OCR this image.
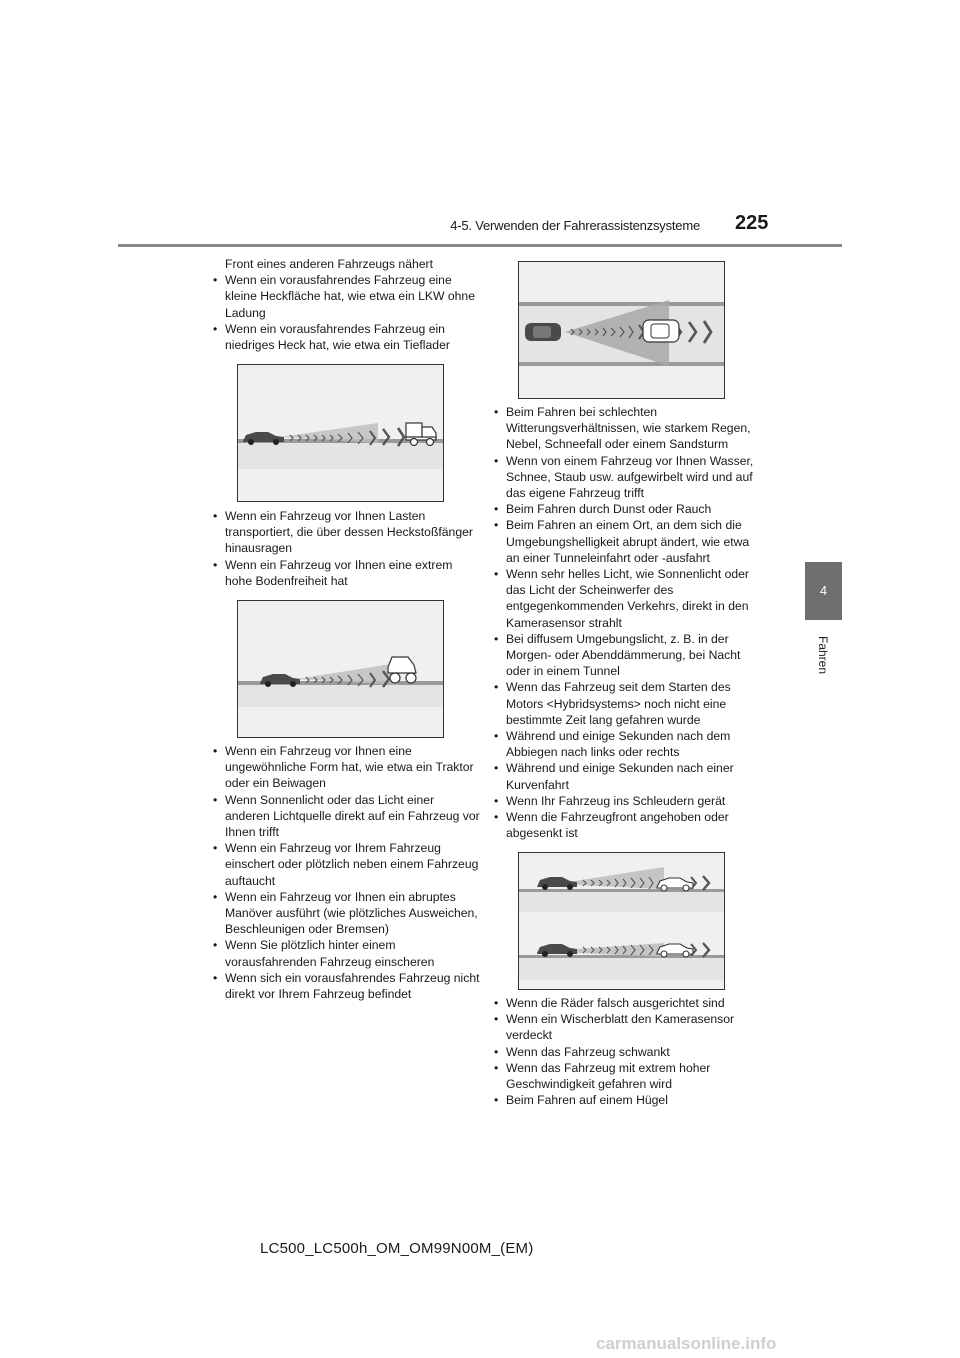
4-5. Verwenden der Fahrerassistenzsysteme 225
4
Fahren

Front eines anderen Fahrzeugs nähert

• Wenn ein vorausfahrendes Fahrzeug eine kleine Heckfläche hat, wie etwa ein LKW ohne Ladung
• Wenn ein vorausfahrendes Fahrzeug ein niedriges Heck hat, wie etwa ein Tieflader
• Wenn ein Fahrzeug vor Ihnen Lasten transportiert, die über dessen Heckstoßfänger hinausragen
• Wenn ein Fahrzeug vor Ihnen eine extrem hohe Bodenfreiheit hat
• Wenn ein Fahrzeug vor Ihnen eine ungewöhnliche Form hat, wie etwa ein Traktor oder ein Beiwagen
• Wenn Sonnenlicht oder das Licht einer anderen Lichtquelle direkt auf ein Fahrzeug vor Ihnen trifft
• Wenn ein Fahrzeug vor Ihrem Fahrzeug einschert oder plötzlich neben einem Fahrzeug auftaucht
• Wenn ein Fahrzeug vor Ihnen ein abruptes Manöver ausführt (wie plötzliches Ausweichen, Beschleunigen oder Bremsen)
• Wenn Sie plötzlich hinter einem vorausfahrenden Fahrzeug einscheren
• Wenn sich ein vorausfahrendes Fahrzeug nicht direkt vor Ihrem Fahrzeug befindet
• Beim Fahren bei schlechten Witterungsverhältnissen, wie starkem Regen, Nebel, Schneefall oder einem Sandsturm
• Wenn von einem Fahrzeug vor Ihnen Wasser, Schnee, Staub usw. aufgewirbelt wird und auf das eigene Fahrzeug trifft
• Beim Fahren durch Dunst oder Rauch
• Beim Fahren an einem Ort, an dem sich die Umgebungshelligkeit abrupt ändert, wie etwa an einer Tunneleinfahrt oder -ausfahrt
• Wenn sehr helles Licht, wie Sonnenlicht oder das Licht der Scheinwerfer des entgegenkommenden Verkehrs, direkt in den Kamerasensor strahlt
• Bei diffusem Umgebungslicht, z. B. in der Morgen- oder Abenddämmerung, bei Nacht oder in einem Tunnel
• Wenn das Fahrzeug seit dem Starten des Motors <Hybridsystems> noch nicht eine bestimmte Zeit lang gefahren wurde
• Während und einige Sekunden nach dem Abbiegen nach links oder rechts
• Während und einige Sekunden nach einer Kurvenfahrt
• Wenn Ihr Fahrzeug ins Schleudern gerät
• Wenn die Fahrzeugfront angehoben oder abgesenkt ist
• Wenn die Räder falsch ausgerichtet sind
• Wenn ein Wischerblatt den Kamerasensor verdeckt
• Wenn das Fahrzeug schwankt
• Wenn das Fahrzeug mit extrem hoher Geschwindigkeit gefahren wird
• Beim Fahren auf einem Hügel
LC500_LC500h_OM_OM99N00M_(EM)
carmanualsonline.info
